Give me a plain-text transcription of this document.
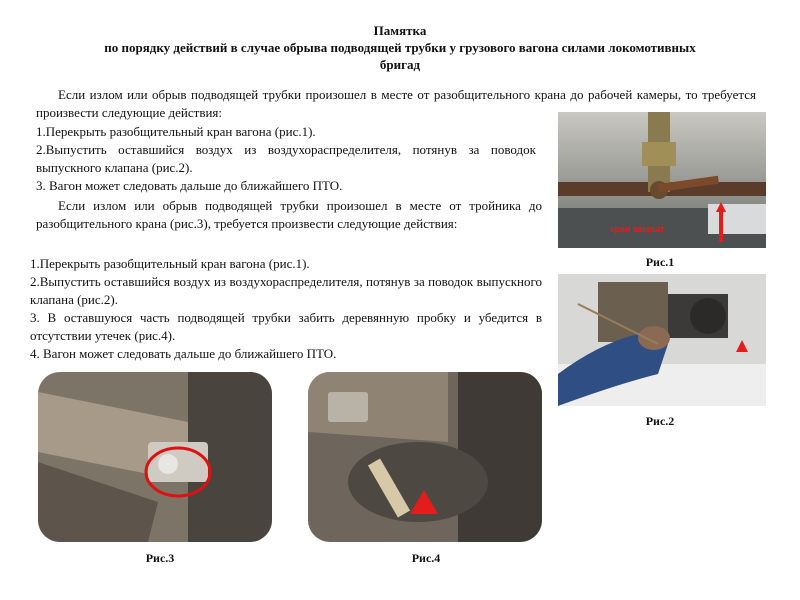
Памятка
по порядку действий в случае обрыва подводящей трубки у грузового вагона силами локомотивных
бригад
Если излом или обрыв подводящей трубки произошел в месте от разобщительного крана до рабочей камеры, то требуется произвести следующие действия:
1.Перекрыть разобщительный кран вагона (рис.1).
2.Выпустить оставшийся воздух из воздухораспределителя, потянув за поводок выпускного клапана (рис.2).
3. Вагон может следовать дальше до ближайшего ПТО.
Если излом или обрыв подводящей трубки произошел в месте от тройника до разобщительного крана (рис.3), требуется произвести следующие действия:
1.Перекрыть разобщительный кран вагона (рис.1).
2.Выпустить оставшийся воздух из воздухораспределителя, потянув за поводок выпускного клапана (рис.2).
3. В оставшуюся часть подводящей трубки забить деревянную пробку и убедится в отсутствии утечек (рис.4).
4. Вагон может следовать дальше до ближайшего ПТО.
кран закрыт
Рис.1
Рис.2
Рис.3	Рис.4
